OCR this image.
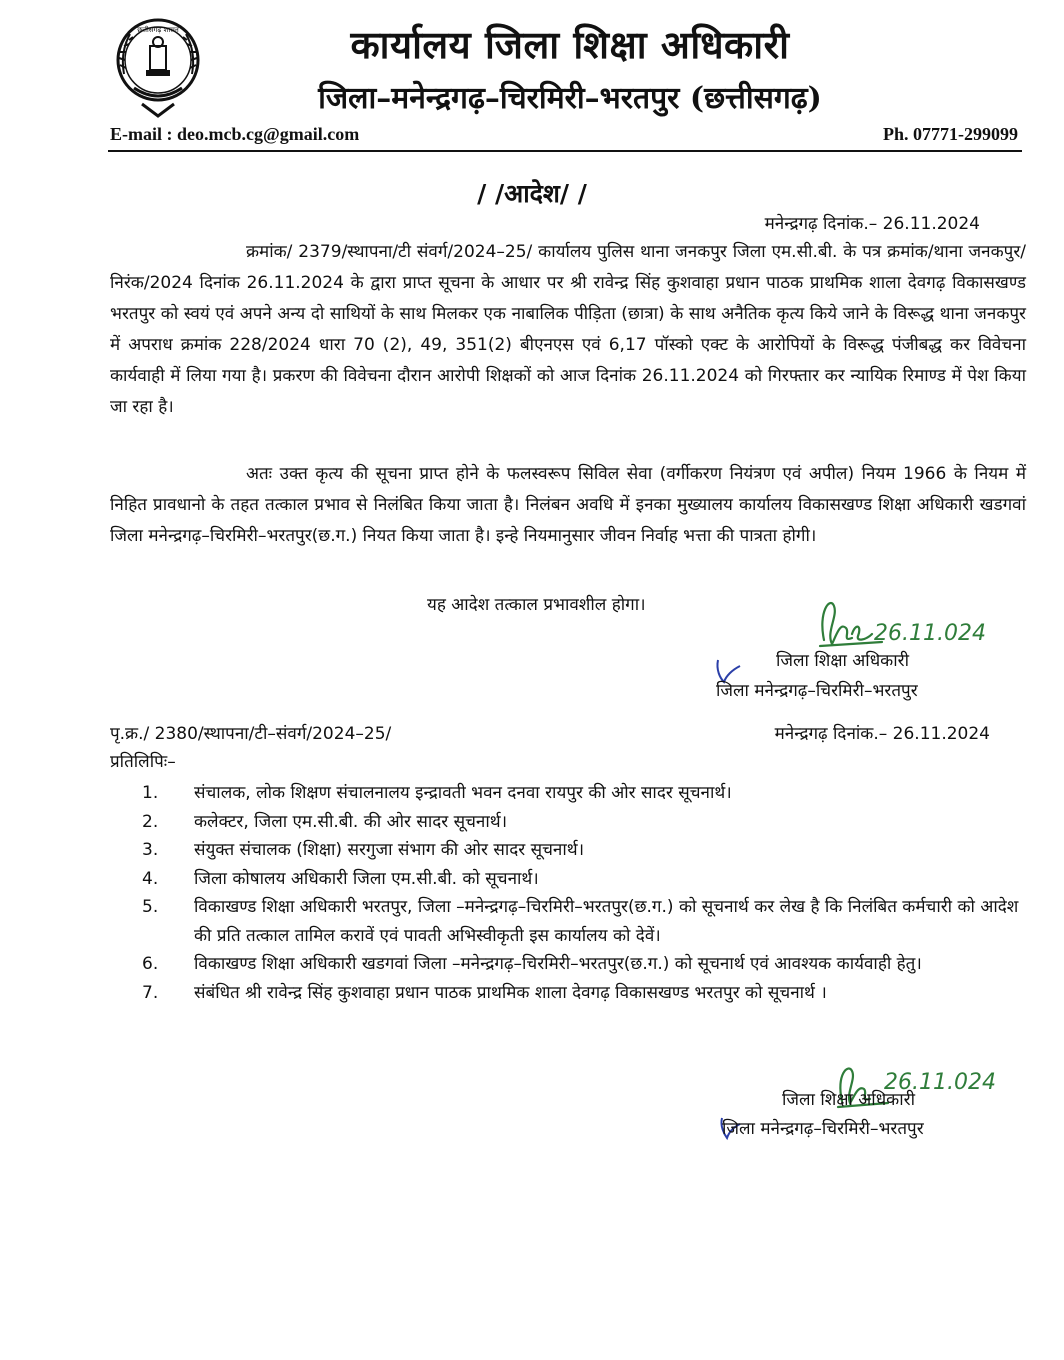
छत्तीसगढ़ शासन	कार्यालय जिला शिक्षा अधिकारी
जिला–मनेन्द्रगढ़–चिरमिरी–भरतपुर (छत्तीसगढ़)
E-mail : deo.mcb.cg@gmail.com	Ph. 07771-299099
/ /आदेश/ /
मनेन्द्रगढ़ दिनांक.– 26.11.2024
क्रमांक/ 2379/स्थापना/टी संवर्ग/2024–25/ कार्यालय पुलिस थाना जनकपुर जिला एम.सी.बी. के पत्र क्रमांक/थाना जनकपुर/निरंक/2024 दिनांक 26.11.2024 के द्वारा प्राप्त सूचना के आधार पर श्री रावेन्द्र सिंह कुशवाहा प्रधान पाठक प्राथमिक शाला देवगढ़ विकासखण्ड भरतपुर को स्वयं एवं अपने अन्य दो साथियों के साथ मिलकर एक नाबालिक पीड़िता (छात्रा) के साथ अनैतिक कृत्य किये जाने के विरूद्ध थाना जनकपुर में अपराध क्रमांक 228/2024 धारा 70 (2), 49, 351(2) बीएनएस एवं 6,17 पॉस्को एक्ट के आरोपियों के विरूद्ध पंजीबद्ध कर विवेचना कार्यवाही में लिया गया है। प्रकरण की विवेचना दौरान आरोपी शिक्षकों को आज दिनांक 26.11.2024 को गिरफ्तार कर न्यायिक रिमाण्ड में पेश किया जा रहा है।
अतः उक्त कृत्य की सूचना प्राप्त होने के फलस्वरूप सिविल सेवा (वर्गीकरण नियंत्रण एवं अपील) नियम 1966 के नियम में निहित प्रावधानो के तहत तत्काल प्रभाव से निलंबित किया जाता है। निलंबन अवधि में इनका मुख्यालय कार्यालय विकासखण्ड शिक्षा अधिकारी खडगवां जिला मनेन्द्रगढ़–चिरमिरी–भरतपुर(छ.ग.) नियत किया जाता है। इन्हे नियमानुसार जीवन निर्वाह भत्ता की पात्रता होगी।
यह आदेश तत्काल प्रभावशील होगा।
26.11.024
जिला शिक्षा अधिकारी
जिला मनेन्द्रगढ़–चिरमिरी–भरतपुर
पृ.क्र./ 2380/स्थापना/टी–संवर्ग/2024–25/	मनेन्द्रगढ़ दिनांक.– 26.11.2024
प्रतिलिपिः–
1.	संचालक, लोक शिक्षण संचालनालय इन्द्रावती भवन दनवा रायपुर की ओर सादर सूचनार्थ।
2.	कलेक्टर, जिला एम.सी.बी. की ओर सादर सूचनार्थ।
3.	संयुक्त संचालक (शिक्षा) सरगुजा संभाग की ओर सादर सूचनार्थ।
4.	जिला कोषालय अधिकारी जिला एम.सी.बी. को सूचनार्थ।
5.	विकाखण्ड शिक्षा अधिकारी भरतपुर, जिला –मनेन्द्रगढ़–चिरमिरी–भरतपुर(छ.ग.) को सूचनार्थ कर लेख है कि निलंबित कर्मचारी को आदेश की प्रति तत्काल तामिल करावें एवं पावती अभिस्वीकृती इस कार्यालय को देवें।
6.	विकाखण्ड शिक्षा अधिकारी खडगवां जिला –मनेन्द्रगढ़–चिरमिरी–भरतपुर(छ.ग.) को सूचनार्थ एवं आवश्यक कार्यवाही हेतु।
7.	संबंधित श्री रावेन्द्र सिंह कुशवाहा प्रधान पाठक प्राथमिक शाला देवगढ़ विकासखण्ड भरतपुर को सूचनार्थ ।
26.11.024
जिला शिक्षा अधिकारी
जिला मनेन्द्रगढ़–चिरमिरी–भरतपुर
